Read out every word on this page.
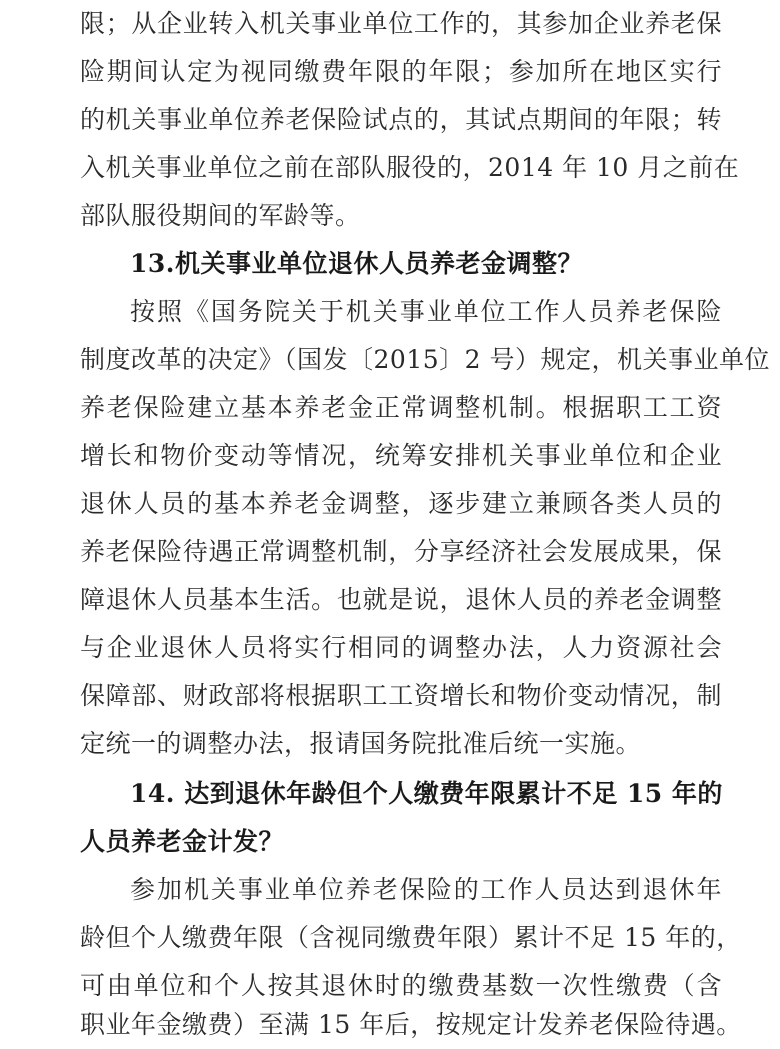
限；从企业转入机关事业单位工作的，其参加企业养老保
险期间认定为视同缴费年限的年限；参加所在地区实行
的机关事业单位养老保险试点的，其试点期间的年限；转
入机关事业单位之前在部队服役的，2014 年 10 月之前在
部队服役期间的军龄等。
13.机关事业单位退休人员养老金调整？
按照《国务院关于机关事业单位工作人员养老保险
制度改革的决定》（国发〔2015〕2 号）规定，机关事业单位
养老保险建立基本养老金正常调整机制。根据职工工资
增长和物价变动等情况，统筹安排机关事业单位和企业
退休人员的基本养老金调整，逐步建立兼顾各类人员的
养老保险待遇正常调整机制，分享经济社会发展成果，保
障退休人员基本生活。也就是说，退休人员的养老金调整
与企业退休人员将实行相同的调整办法，人力资源社会
保障部、财政部将根据职工工资增长和物价变动情况，制
定统一的调整办法，报请国务院批准后统一实施。
14. 达到退休年龄但个人缴费年限累计不足 15 年的
人员养老金计发？
参加机关事业单位养老保险的工作人员达到退休年
龄但个人缴费年限（含视同缴费年限）累计不足 15 年的，
可由单位和个人按其退休时的缴费基数一次性缴费（含
职业年金缴费）至满 15 年后，按规定计发养老保险待遇。
